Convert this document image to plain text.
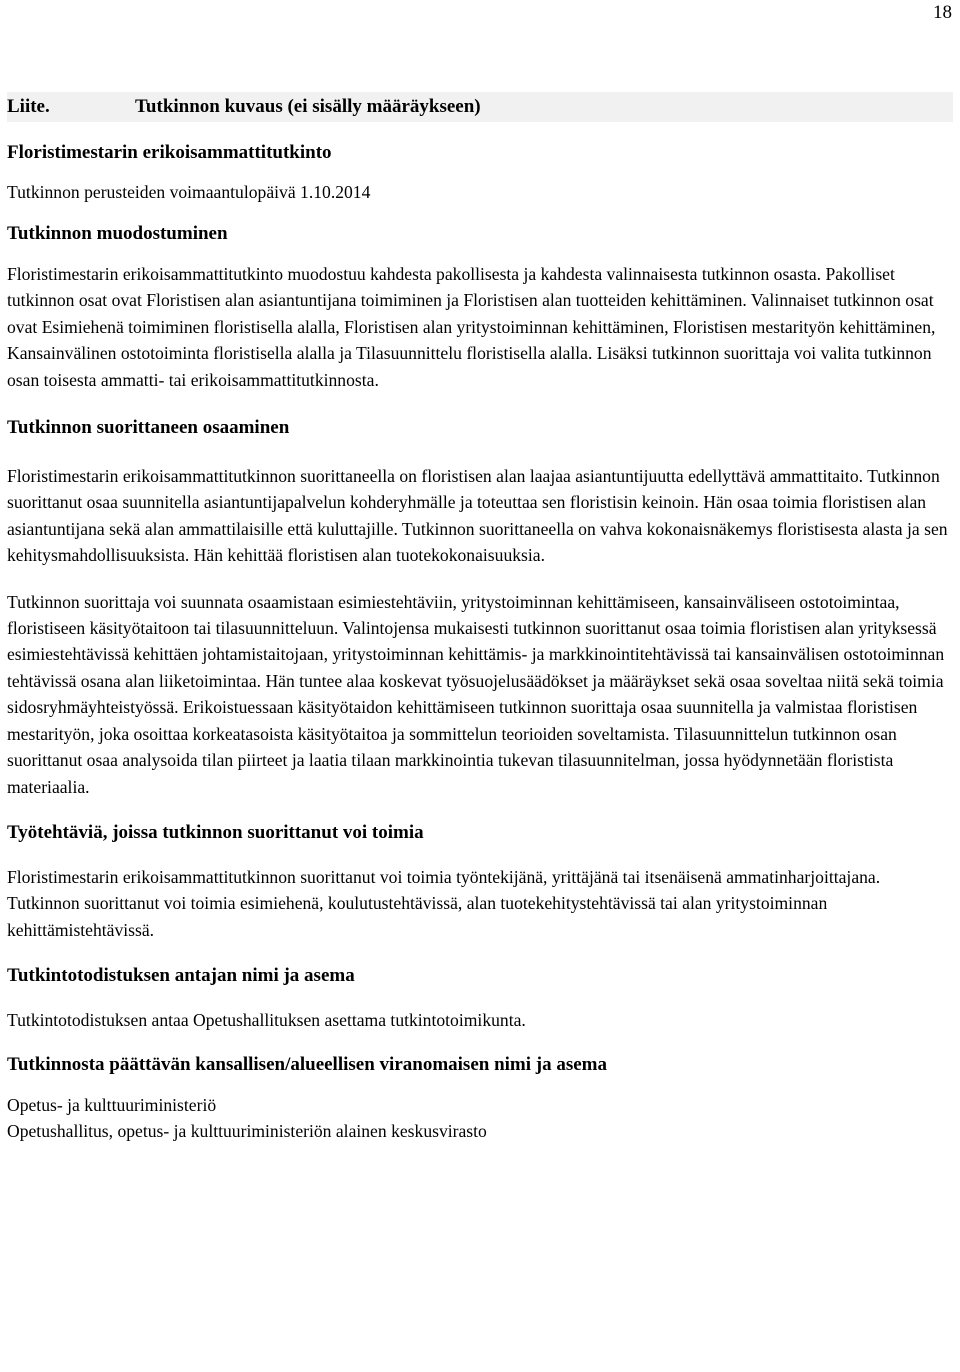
18
Liite.	Tutkinnon kuvaus (ei sisälly määräykseen)
Floristimestarin erikoisammattitutkinto
Tutkinnon perusteiden voimaantulopäivä 1.10.2014
Tutkinnon muodostuminen

Floristimestarin erikoisammattitutkinto muodostuu kahdesta pakollisesta ja kahdesta valinnaisesta tutkinnon osasta. Pakolliset tutkinnon osat ovat Floristisen alan asiantuntijana toimiminen ja Floristisen alan tuotteiden kehittäminen. Valinnaiset tutkinnon osat ovat Esimiehenä toimiminen floristisella alalla, Floristisen alan yritystoiminnan kehittäminen, Floristisen mestarityön kehittäminen, Kansainvälinen ostotoiminta floristisella alalla ja Tilasuunnittelu floristisella alalla. Lisäksi tutkinnon suorittaja voi valita tutkinnon osan toisesta ammatti- tai erikoisammattitutkinnosta.

Tutkinnon suorittaneen osaaminen

Floristimestarin erikoisammattitutkinnon suorittaneella on floristisen alan laajaa asiantuntijuutta edellyttävä ammattitaito. Tutkinnon suorittanut osaa suunnitella asiantuntijapalvelun kohderyhmälle ja toteuttaa sen floristisin keinoin. Hän osaa toimia floristisen alan asiantuntijana sekä alan ammattilaisille että kuluttajille. Tutkinnon suorittaneella on vahva kokonaisnäkemys floristisesta alasta ja sen kehitysmahdollisuuksista. Hän kehittää floristisen alan tuotekokonaisuuksia.

Tutkinnon suorittaja voi suunnata osaamistaan esimiestehtäviin, yritystoiminnan kehittämiseen, kansainväliseen ostotoimintaa, floristiseen käsityötaitoon tai tilasuunnitteluun. Valintojensa mukaisesti tutkinnon suorittanut osaa toimia floristisen alan yrityksessä esimiestehtävissä kehittäen johtamistaitojaan, yritystoiminnan kehittämis- ja markkinointitehtävissä tai kansainvälisen ostotoiminnan tehtävissä osana alan liiketoimintaa. Hän tuntee alaa koskevat työsuojelusäädökset ja määräykset sekä osaa soveltaa niitä sekä toimia sidosryhmäyhteistyössä. Erikoistuessaan käsityötaidon kehittämiseen tutkinnon suorittaja osaa suunnitella ja valmistaa floristisen mestarityön, joka osoittaa korkeatasoista käsityötaitoa ja sommittelun teorioiden soveltamista. Tilasuunnittelun tutkinnon osan suorittanut osaa analysoida tilan piirteet ja laatia tilaan markkinointia tukevan tilasuunnitelman, jossa hyödynnetään floristista materiaalia.

Työtehtäviä, joissa tutkinnon suorittanut voi toimia

Floristimestarin erikoisammattitutkinnon suorittanut voi toimia työntekijänä, yrittäjänä tai itsenäisenä ammatinharjoittajana. Tutkinnon suorittanut voi toimia esimiehenä, koulutustehtävissä, alan tuotekehitystehtävissä tai alan yritystoiminnan kehittämistehtävissä.

Tutkintotodistuksen antajan nimi ja asema

Tutkintotodistuksen antaa Opetushallituksen asettama tutkintotoimikunta.

Tutkinnosta päättävän kansallisen/alueellisen viranomaisen nimi ja asema
Opetus- ja kulttuuriministeriö
Opetushallitus, opetus- ja kulttuuriministeriön alainen keskusvirasto
